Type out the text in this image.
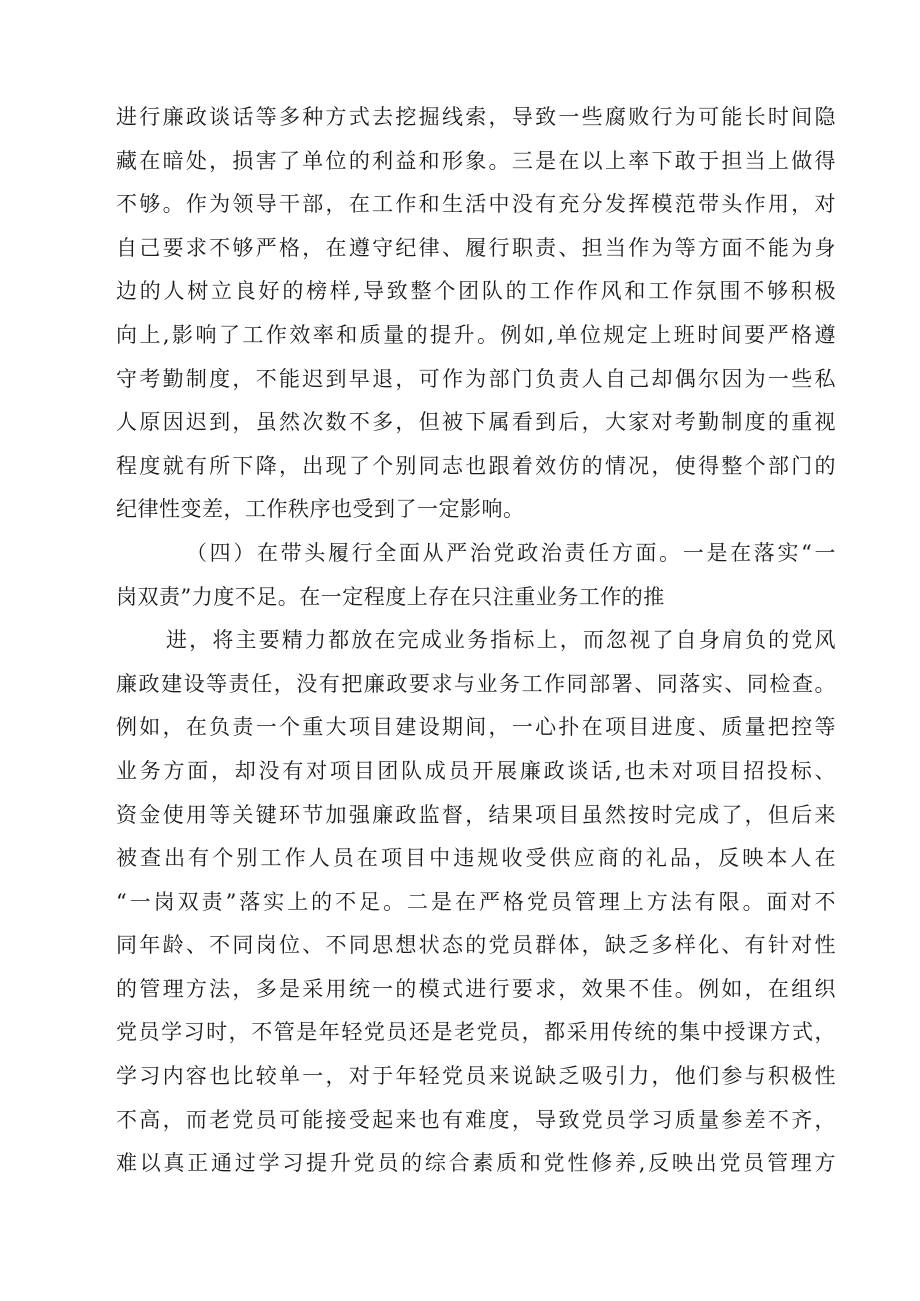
进行廉政谈话等多种方式去挖掘线索，导致一些腐败行为可能长时间隐
藏在暗处，损害了单位的利益和形象。三是在以上率下敢于担当上做得
不够。作为领导干部，在工作和生活中没有充分发挥模范带头作用，对
自己要求不够严格，在遵守纪律、履行职责、担当作为等方面不能为身
边的人树立良好的榜样,导致整个团队的工作作风和工作氛围不够积极
向上,影响了工作效率和质量的提升。例如,单位规定上班时间要严格遵
守考勤制度，不能迟到早退，可作为部门负责人自己却偶尔因为一些私
人原因迟到，虽然次数不多，但被下属看到后，大家对考勤制度的重视
程度就有所下降，出现了个别同志也跟着效仿的情况，使得整个部门的
纪律性变差，工作秩序也受到了一定影响。
（四）在带头履行全面从严治党政治责任方面。一是在落实“一
岗双责”力度不足。在一定程度上存在只注重业务工作的推
进，将主要精力都放在完成业务指标上，而忽视了自身肩负的党风
廉政建设等责任，没有把廉政要求与业务工作同部署、同落实、同检查。
例如，在负责一个重大项目建设期间，一心扑在项目进度、质量把控等
业务方面，却没有对项目团队成员开展廉政谈话,也未对项目招投标、
资金使用等关键环节加强廉政监督，结果项目虽然按时完成了，但后来
被查出有个别工作人员在项目中违规收受供应商的礼品，反映本人在
“一岗双责”落实上的不足。二是在严格党员管理上方法有限。面对不
同年龄、不同岗位、不同思想状态的党员群体，缺乏多样化、有针对性
的管理方法，多是采用统一的模式进行要求，效果不佳。例如，在组织
党员学习时，不管是年轻党员还是老党员，都采用传统的集中授课方式，
学习内容也比较单一，对于年轻党员来说缺乏吸引力，他们参与积极性
不高，而老党员可能接受起来也有难度，导致党员学习质量参差不齐，
难以真正通过学习提升党员的综合素质和党性修养,反映出党员管理方
